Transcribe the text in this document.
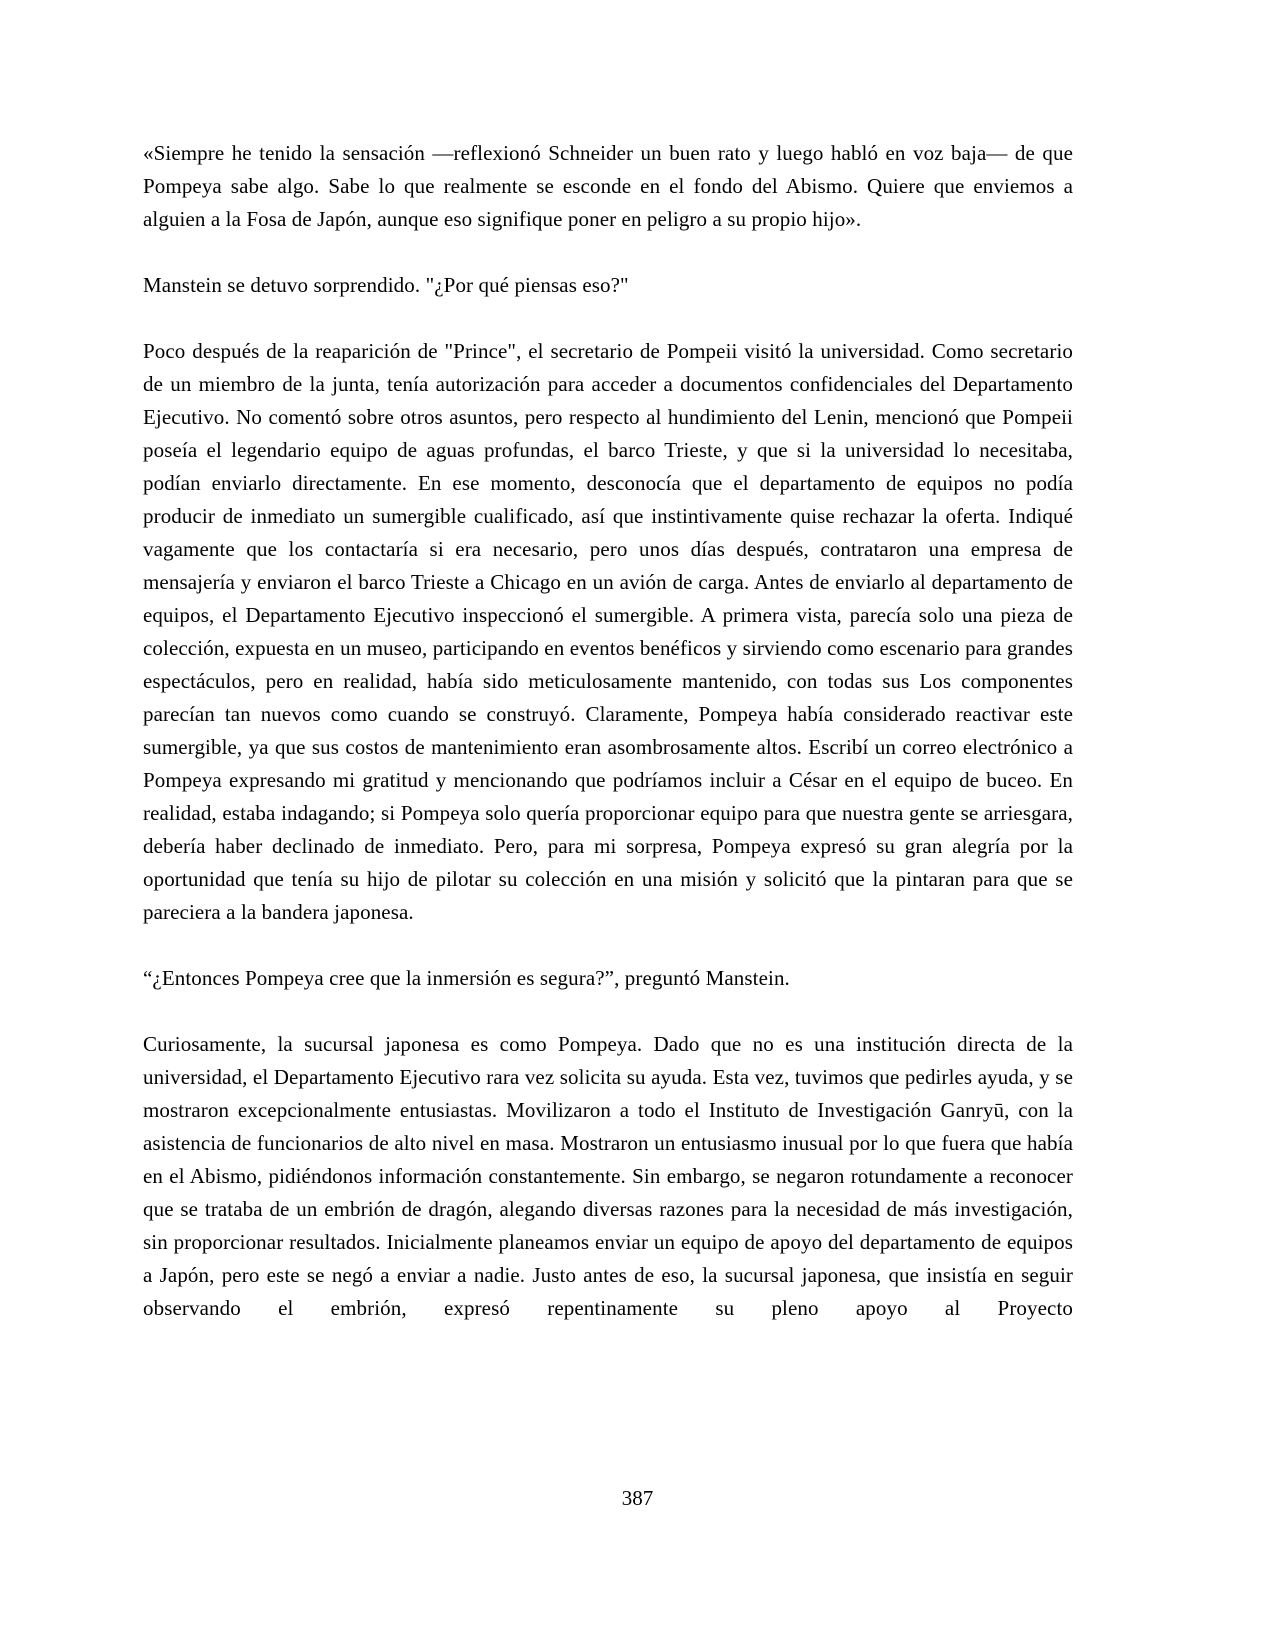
«Siempre he tenido la sensación —reflexionó Schneider un buen rato y luego habló en voz baja— de que Pompeya sabe algo. Sabe lo que realmente se esconde en el fondo del Abismo. Quiere que enviemos a alguien a la Fosa de Japón, aunque eso signifique poner en peligro a su propio hijo».

Manstein se detuvo sorprendido. "¿Por qué piensas eso?"

Poco después de la reaparición de "Prince", el secretario de Pompeii visitó la universidad. Como secretario de un miembro de la junta, tenía autorización para acceder a documentos confidenciales del Departamento Ejecutivo. No comentó sobre otros asuntos, pero respecto al hundimiento del Lenin, mencionó que Pompeii poseía el legendario equipo de aguas profundas, el barco Trieste, y que si la universidad lo necesitaba, podían enviarlo directamente. En ese momento, desconocía que el departamento de equipos no podía producir de inmediato un sumergible cualificado, así que instintivamente quise rechazar la oferta. Indiqué vagamente que los contactaría si era necesario, pero unos días después, contrataron una empresa de mensajería y enviaron el barco Trieste a Chicago en un avión de carga. Antes de enviarlo al departamento de equipos, el Departamento Ejecutivo inspeccionó el sumergible. A primera vista, parecía solo una pieza de colección, expuesta en un museo, participando en eventos benéficos y sirviendo como escenario para grandes espectáculos, pero en realidad, había sido meticulosamente mantenido, con todas sus Los componentes parecían tan nuevos como cuando se construyó. Claramente, Pompeya había considerado reactivar este sumergible, ya que sus costos de mantenimiento eran asombrosamente altos. Escribí un correo electrónico a Pompeya expresando mi gratitud y mencionando que podríamos incluir a César en el equipo de buceo. En realidad, estaba indagando; si Pompeya solo quería proporcionar equipo para que nuestra gente se arriesgara, debería haber declinado de inmediato. Pero, para mi sorpresa, Pompeya expresó su gran alegría por la oportunidad que tenía su hijo de pilotar su colección en una misión y solicitó que la pintaran para que se pareciera a la bandera japonesa.

“¿Entonces Pompeya cree que la inmersión es segura?”, preguntó Manstein.

Curiosamente, la sucursal japonesa es como Pompeya. Dado que no es una institución directa de la universidad, el Departamento Ejecutivo rara vez solicita su ayuda. Esta vez, tuvimos que pedirles ayuda, y se mostraron excepcionalmente entusiastas. Movilizaron a todo el Instituto de Investigación Ganryū, con la asistencia de funcionarios de alto nivel en masa. Mostraron un entusiasmo inusual por lo que fuera que había en el Abismo, pidiéndonos información constantemente. Sin embargo, se negaron rotundamente a reconocer que se trataba de un embrión de dragón, alegando diversas razones para la necesidad de más investigación, sin proporcionar resultados. Inicialmente planeamos enviar un equipo de apoyo del departamento de equipos a Japón, pero este se negó a enviar a nadie. Justo antes de eso, la sucursal japonesa, que insistía en seguir observando el embrión, expresó repentinamente su pleno apoyo al Proyecto

387
